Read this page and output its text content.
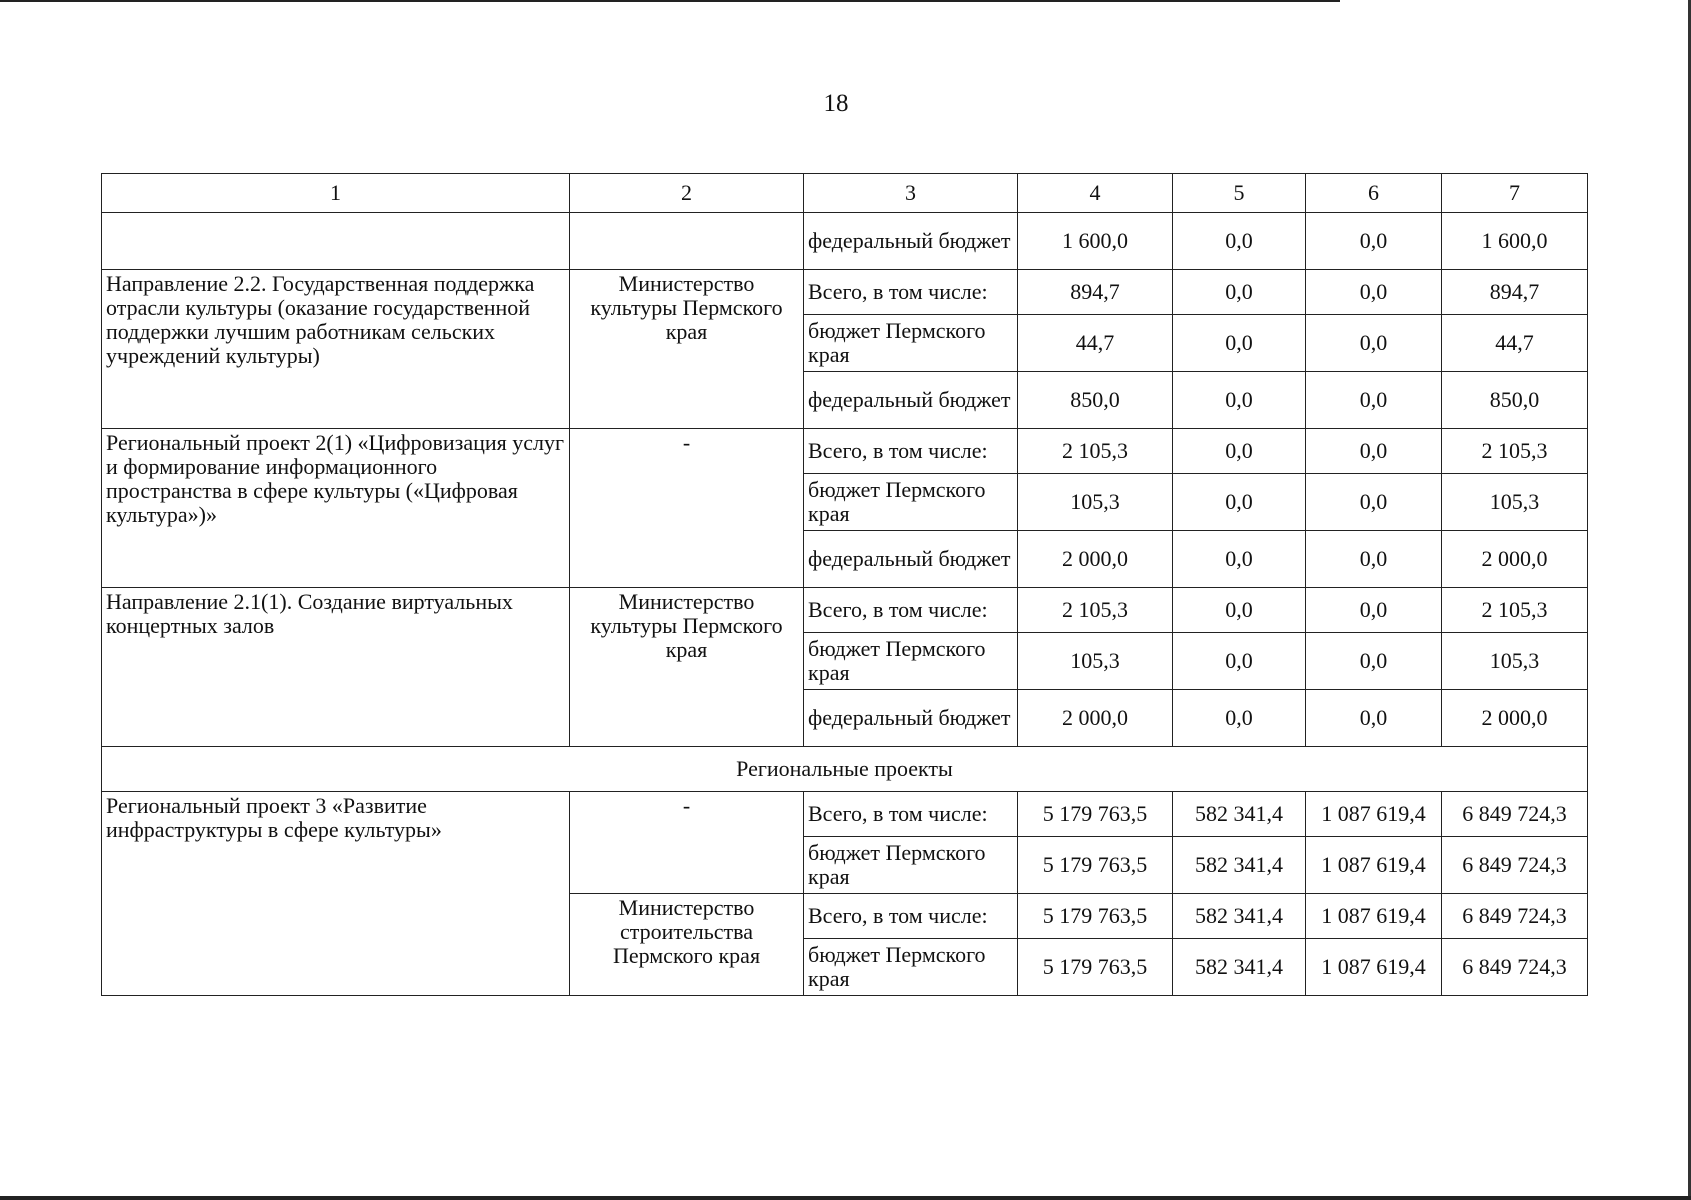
18
1	2	3	4	5	6	7
		федеральный бюджет	1 600,0	0,0	0,0	1 600,0
Направление 2.2. Государственная поддержка отрасли культуры (оказание государственной поддержки лучшим работникам сельских учреждений культуры)	Министерство культуры Пермского края	Всего, в том числе:	894,7	0,0	0,0	894,7
		бюджет Пермского края	44,7	0,0	0,0	44,7
		федеральный бюджет	850,0	0,0	0,0	850,0
Региональный проект 2(1) «Цифровизация услуг и формирование информационного пространства в сфере культуры («Цифровая культура»)»	-	Всего, в том числе:	2 105,3	0,0	0,0	2 105,3
		бюджет Пермского края	105,3	0,0	0,0	105,3
		федеральный бюджет	2 000,0	0,0	0,0	2 000,0
Направление 2.1(1). Создание виртуальных концертных залов	Министерство культуры Пермского края	Всего, в том числе:	2 105,3	0,0	0,0	2 105,3
		бюджет Пермского края	105,3	0,0	0,0	105,3
		федеральный бюджет	2 000,0	0,0	0,0	2 000,0
Региональные проекты						
Региональный проект 3 «Развитие инфраструктуры в сфере культуры»	-	Всего, в том числе:	5 179 763,5	582 341,4	1 087 619,4	6 849 724,3
		бюджет Пермского края	5 179 763,5	582 341,4	1 087 619,4	6 849 724,3
	Министерство строительства Пермского края	Всего, в том числе:	5 179 763,5	582 341,4	1 087 619,4	6 849 724,3
		бюджет Пермского края	5 179 763,5	582 341,4	1 087 619,4	6 849 724,3
